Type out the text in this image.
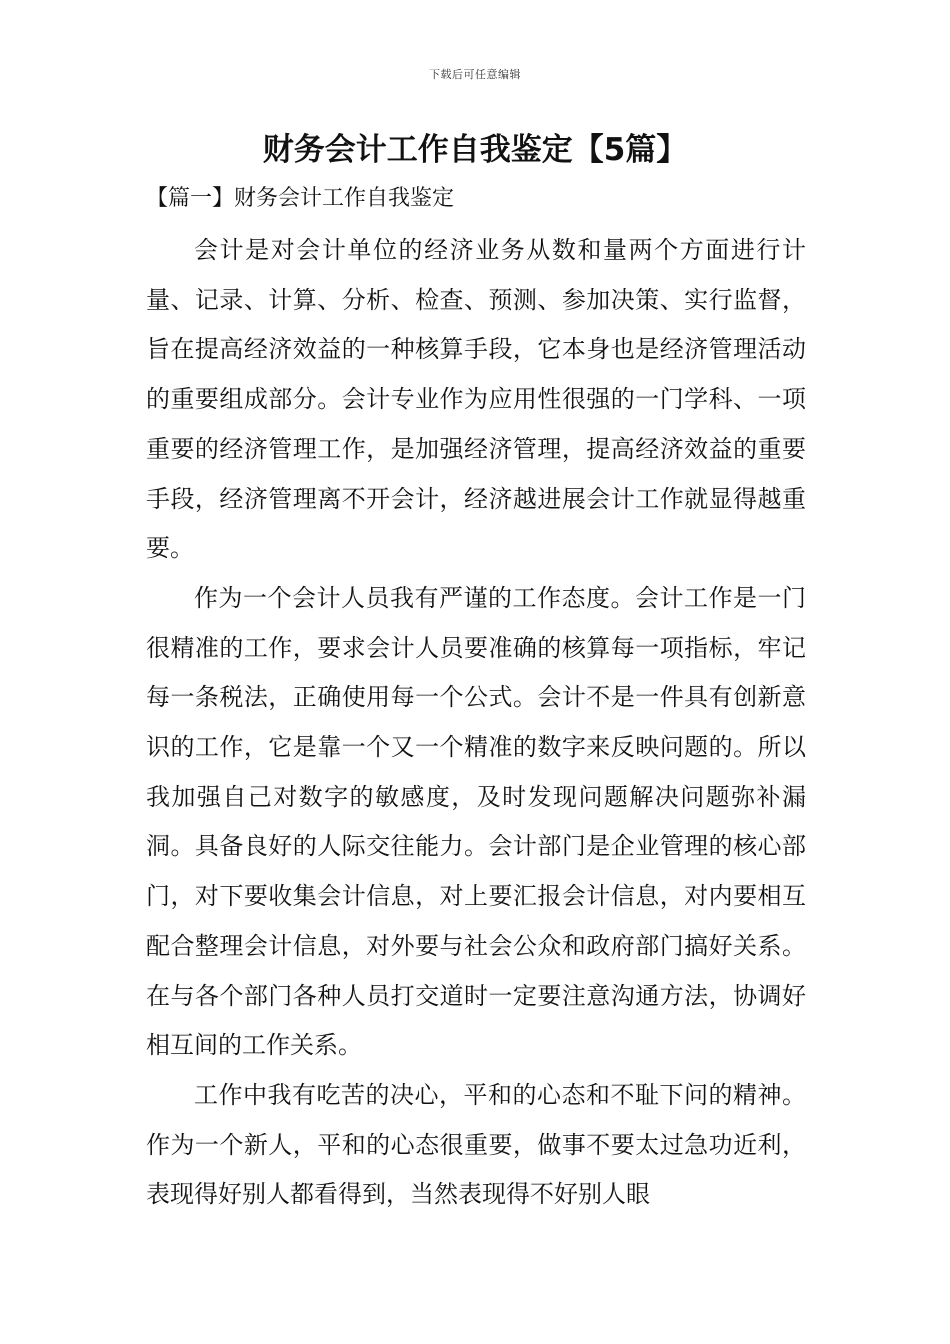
下载后可任意编辑
财务会计工作自我鉴定【5篇】
【篇一】财务会计工作自我鉴定

会计是对会计单位的经济业务从数和量两个方面进行计量、记录、计算、分析、检查、预测、参加决策、实行监督，旨在提高经济效益的一种核算手段，它本身也是经济管理活动的重要组成部分。会计专业作为应用性很强的一门学科、一项重要的经济管理工作，是加强经济管理，提高经济效益的重要手段，经济管理离不开会计，经济越进展会计工作就显得越重要。

作为一个会计人员我有严谨的工作态度。会计工作是一门很精准的工作，要求会计人员要准确的核算每一项指标，牢记每一条税法，正确使用每一个公式。会计不是一件具有创新意识的工作，它是靠一个又一个精准的数字来反映问题的。所以我加强自己对数字的敏感度，及时发现问题解决问题弥补漏洞。具备良好的人际交往能力。会计部门是企业管理的核心部门，对下要收集会计信息，对上要汇报会计信息，对内要相互配合整理会计信息，对外要与社会公众和政府部门搞好关系。在与各个部门各种人员打交道时一定要注意沟通方法，协调好相互间的工作关系。

工作中我有吃苦的决心，平和的心态和不耻下问的精神。作为一个新人，平和的心态很重要，做事不要太过急功近利，表现得好别人都看得到，当然表现得不好别人眼
